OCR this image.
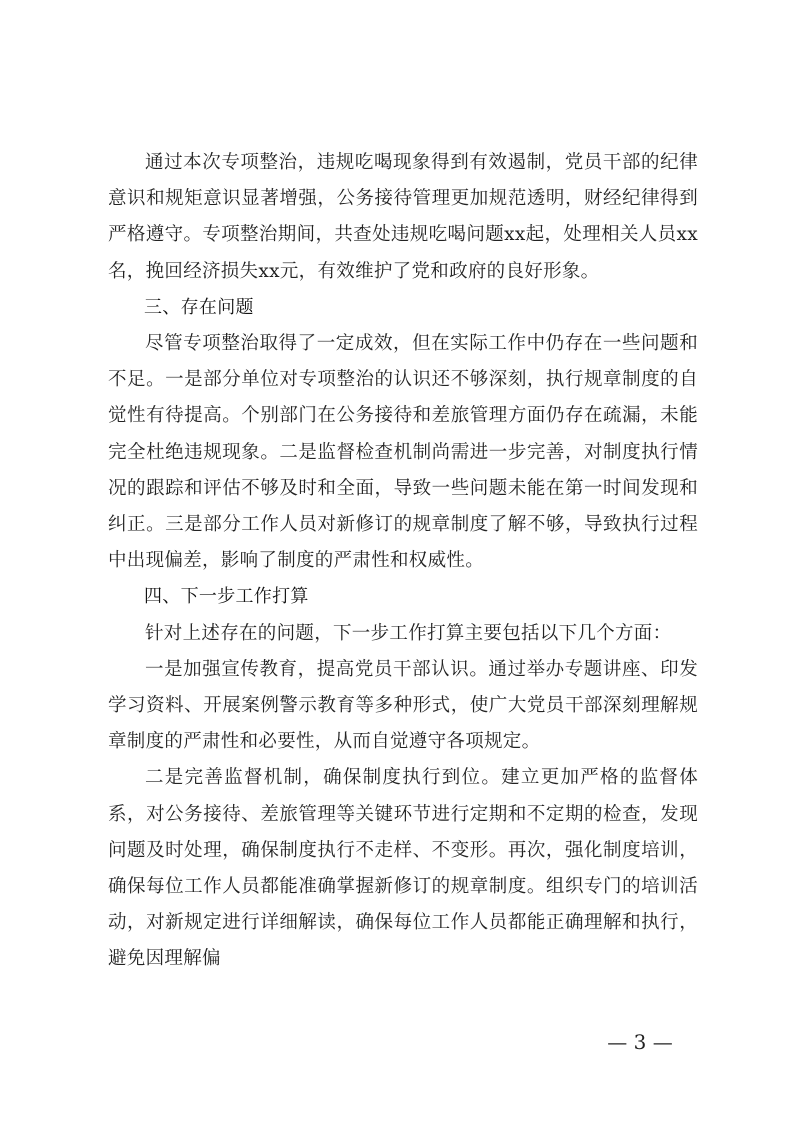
通过本次专项整治，违规吃喝现象得到有效遏制，党员干部的纪律意识和规矩意识显著增强，公务接待管理更加规范透明，财经纪律得到严格遵守。专项整治期间，共查处违规吃喝问题xx起，处理相关人员xx名，挽回经济损失xx元，有效维护了党和政府的良好形象。

三、存在问题

尽管专项整治取得了一定成效，但在实际工作中仍存在一些问题和不足。一是部分单位对专项整治的认识还不够深刻，执行规章制度的自觉性有待提高。个别部门在公务接待和差旅管理方面仍存在疏漏，未能完全杜绝违规现象。二是监督检查机制尚需进一步完善，对制度执行情况的跟踪和评估不够及时和全面，导致一些问题未能在第一时间发现和纠正。三是部分工作人员对新修订的规章制度了解不够，导致执行过程中出现偏差，影响了制度的严肃性和权威性。

四、下一步工作打算

针对上述存在的问题，下一步工作打算主要包括以下几个方面：

一是加强宣传教育，提高党员干部认识。通过举办专题讲座、印发学习资料、开展案例警示教育等多种形式，使广大党员干部深刻理解规章制度的严肃性和必要性，从而自觉遵守各项规定。

二是完善监督机制，确保制度执行到位。建立更加严格的监督体系，对公务接待、差旅管理等关键环节进行定期和不定期的检查，发现问题及时处理，确保制度执行不走样、不变形。再次，强化制度培训，确保每位工作人员都能准确掌握新修订的规章制度。组织专门的培训活动，对新规定进行详细解读，确保每位工作人员都能正确理解和执行，避免因理解偏

— 3 —
